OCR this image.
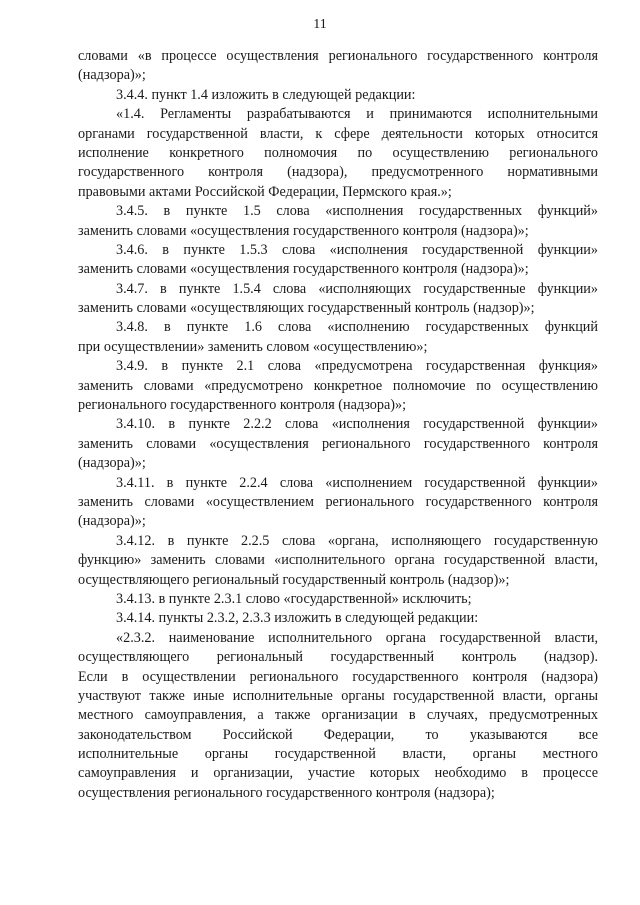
11
словами «в процессе осуществления регионального государственного контроля
(надзора)»;
3.4.4. пункт 1.4 изложить в следующей редакции:
«1.4. Регламенты разрабатываются и принимаются исполнительными
органами государственной власти, к сфере деятельности которых относится
исполнение конкретного полномочия по осуществлению регионального
государственного контроля (надзора), предусмотренного нормативными
правовыми актами Российской Федерации, Пермского края.»;
3.4.5. в пункте 1.5 слова «исполнения государственных функций»
заменить словами «осуществления государственного контроля (надзора)»;
3.4.6. в пункте 1.5.3 слова «исполнения государственной функции»
заменить словами «осуществления государственного контроля (надзора)»;
3.4.7. в пункте 1.5.4 слова «исполняющих государственные функции»
заменить словами «осуществляющих государственный контроль (надзор)»;
3.4.8. в пункте 1.6 слова «исполнению государственных функций
при осуществлении» заменить словом «осуществлению»;
3.4.9. в пункте 2.1 слова «предусмотрена государственная функция»
заменить словами «предусмотрено конкретное полномочие по осуществлению
регионального государственного контроля (надзора)»;
3.4.10. в пункте 2.2.2 слова «исполнения государственной функции»
заменить словами «осуществления регионального государственного контроля
(надзора)»;
3.4.11. в пункте 2.2.4 слова «исполнением государственной функции»
заменить словами «осуществлением регионального государственного контроля
(надзора)»;
3.4.12. в пункте 2.2.5 слова «органа, исполняющего государственную
функцию» заменить словами «исполнительного органа государственной власти,
осуществляющего региональный государственный контроль (надзор)»;
3.4.13. в пункте 2.3.1 слово «государственной» исключить;
3.4.14. пункты 2.3.2, 2.3.3 изложить в следующей редакции:
«2.3.2. наименование исполнительного органа государственной власти,
осуществляющего региональный государственный контроль (надзор).
Если в осуществлении регионального государственного контроля (надзора)
участвуют также иные исполнительные органы государственной власти, органы
местного самоуправления, а также организации в случаях, предусмотренных
законодательством Российской Федерации, то указываются все
исполнительные органы государственной власти, органы местного
самоуправления и организации, участие которых необходимо в процессе
осуществления регионального государственного контроля (надзора);
